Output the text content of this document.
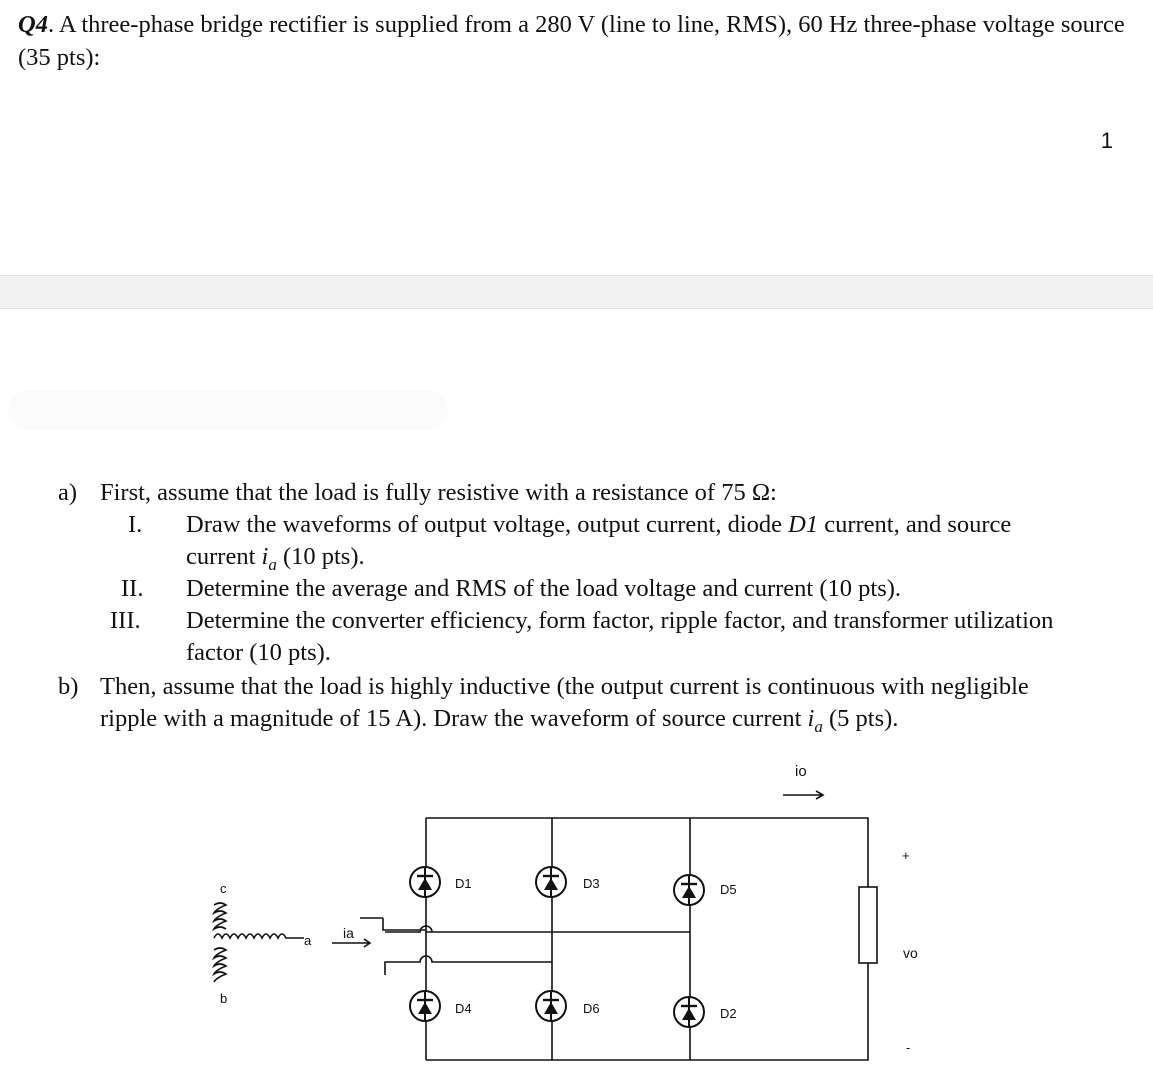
Q4. A three-phase bridge rectifier is supplied from a 280 V (line to line, RMS), 60 Hz three-phase voltage source (35 pts):

1
a) First, assume that the load is fully resistive with a resistance of 75 Ω:
I. Draw the waveforms of output voltage, output current, diode D1 current, and source
current $i_a$ (10 pts).
II. Determine the average and RMS of the load voltage and current (10 pts).
III. Determine the converter efficiency, form factor, ripple factor, and transformer utilization
factor (10 pts).
b) Then, assume that the load is highly inductive (the output current is continuous with negligible
ripple with a magnitude of 15 A). Draw the waveform of source current $i_a$ (5 pts).
D1	D3	D5
D4	D6	D2
c
a
b
ia
io
+
vo
-
